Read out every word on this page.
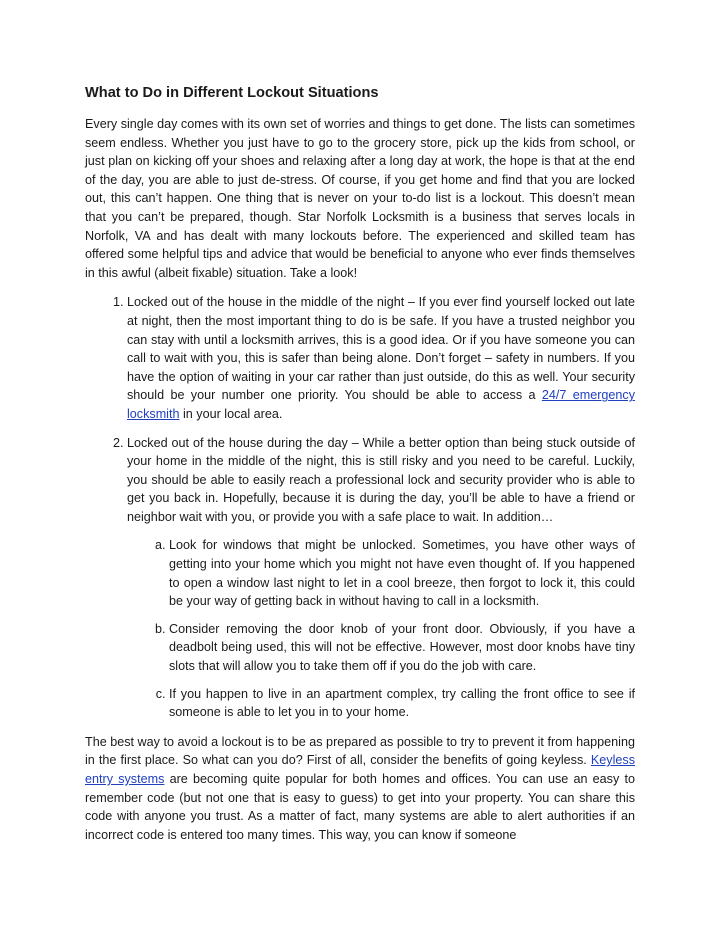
What to Do in Different Lockout Situations

Every single day comes with its own set of worries and things to get done. The lists can sometimes seem endless. Whether you just have to go to the grocery store, pick up the kids from school, or just plan on kicking off your shoes and relaxing after a long day at work, the hope is that at the end of the day, you are able to just de-stress. Of course, if you get home and find that you are locked out, this can’t happen. One thing that is never on your to-do list is a lockout. This doesn’t mean that you can’t be prepared, though. Star Norfolk Locksmith is a business that serves locals in Norfolk, VA and has dealt with many lockouts before. The experienced and skilled team has offered some helpful tips and advice that would be beneficial to anyone who ever finds themselves in this awful (albeit fixable) situation. Take a look!

1. Locked out of the house in the middle of the night – If you ever find yourself locked out late at night, then the most important thing to do is be safe. If you have a trusted neighbor you can stay with until a locksmith arrives, this is a good idea. Or if you have someone you can call to wait with you, this is safer than being alone. Don’t forget – safety in numbers. If you have the option of waiting in your car rather than just outside, do this as well. Your security should be your number one priority. You should be able to access a 24/7 emergency locksmith in your local area.
2. Locked out of the house during the day – While a better option than being stuck outside of your home in the middle of the night, this is still risky and you need to be careful. Luckily, you should be able to easily reach a professional lock and security provider who is able to get you back in. Hopefully, because it is during the day, you’ll be able to have a friend or neighbor wait with you, or provide you with a safe place to wait. In addition…
a. Look for windows that might be unlocked. Sometimes, you have other ways of getting into your home which you might not have even thought of. If you happened to open a window last night to let in a cool breeze, then forgot to lock it, this could be your way of getting back in without having to call in a locksmith.
b. Consider removing the door knob of your front door. Obviously, if you have a deadbolt being used, this will not be effective. However, most door knobs have tiny slots that will allow you to take them off if you do the job with care.
c. If you happen to live in an apartment complex, try calling the front office to see if someone is able to let you in to your home.

The best way to avoid a lockout is to be as prepared as possible to try to prevent it from happening in the first place. So what can you do? First of all, consider the benefits of going keyless. Keyless entry systems are becoming quite popular for both homes and offices. You can use an easy to remember code (but not one that is easy to guess) to get into your property. You can share this code with anyone you trust. As a matter of fact, many systems are able to alert authorities if an incorrect code is entered too many times. This way, you can know if someone
